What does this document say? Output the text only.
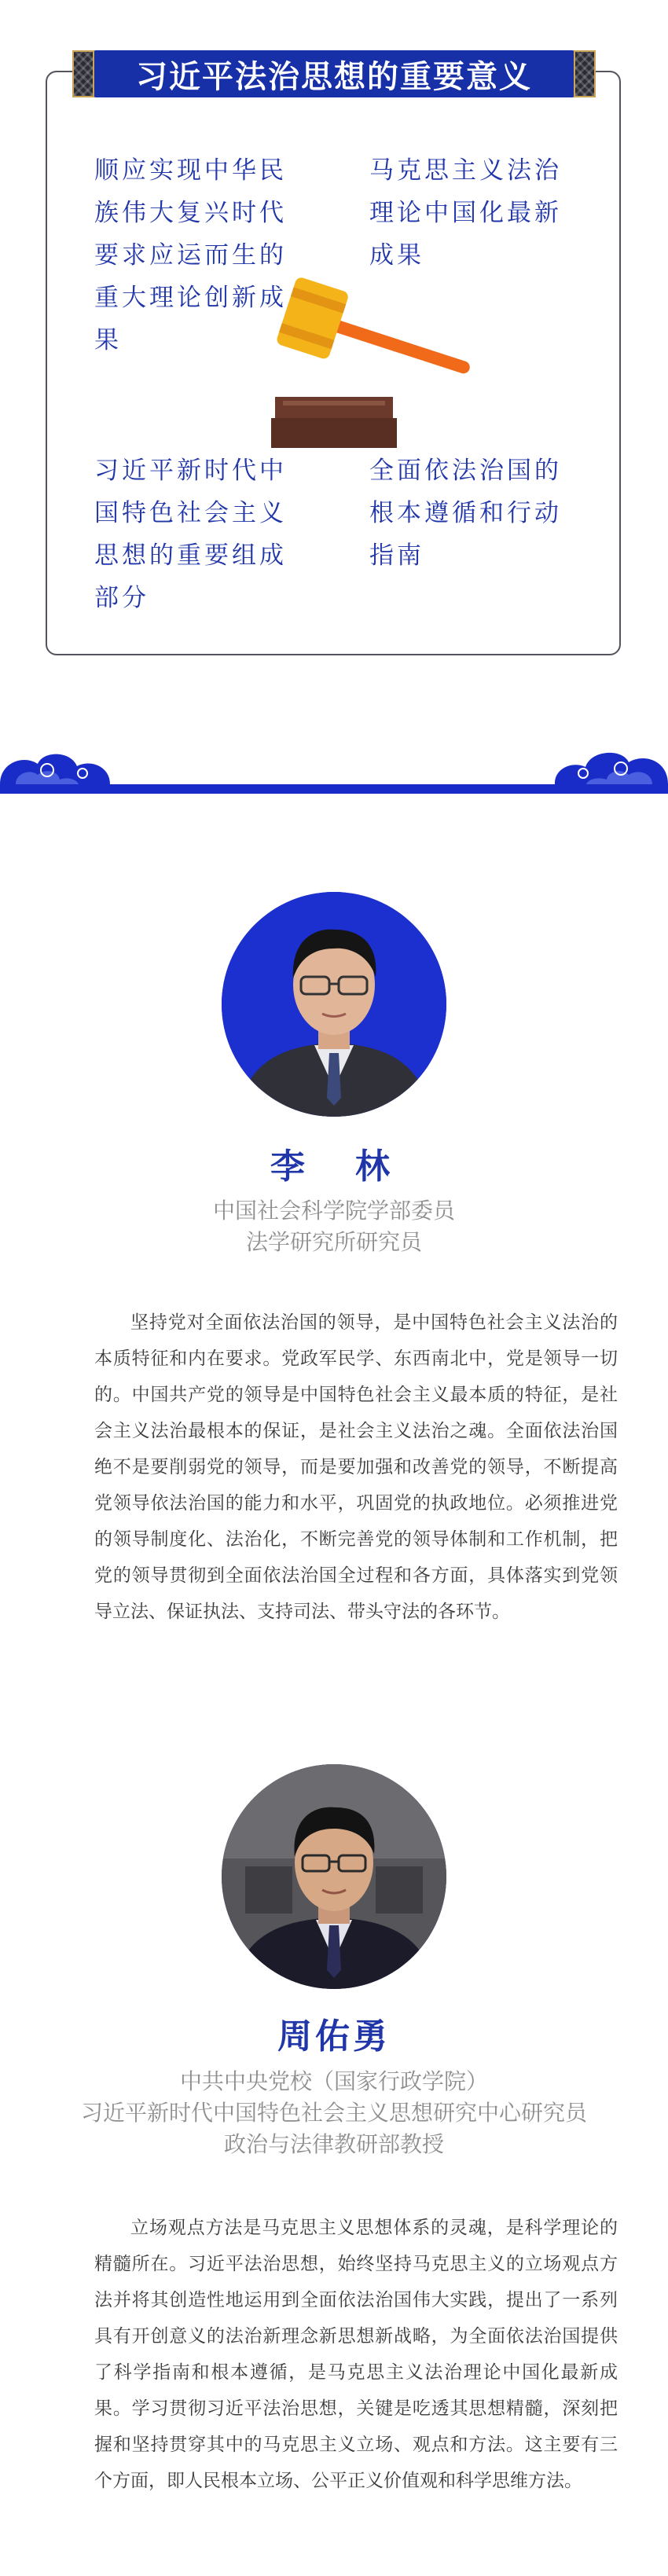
习近平法治思想的重要意义
顺应实现中华民族伟大复兴时代要求应运而生的重大理论创新成果
马克思主义法治理论中国化最新成果
习近平新时代中国特色社会主义思想的重要组成部分
全面依法治国的根本遵循和行动指南
李　林
中国社会科学院学部委员
法学研究所研究员

坚持党对全面依法治国的领导，是中国特色社会主义法治的本质特征和内在要求。党政军民学、东西南北中，党是领导一切的。中国共产党的领导是中国特色社会主义最本质的特征，是社会主义法治最根本的保证，是社会主义法治之魂。全面依法治国绝不是要削弱党的领导，而是要加强和改善党的领导，不断提高党领导依法治国的能力和水平，巩固党的执政地位。必须推进党的领导制度化、法治化，不断完善党的领导体制和工作机制，把党的领导贯彻到全面依法治国全过程和各方面，具体落实到党领导立法、保证执法、支持司法、带头守法的各环节。

周佑勇
中共中央党校（国家行政学院）
习近平新时代中国特色社会主义思想研究中心研究员
政治与法律教研部教授

立场观点方法是马克思主义思想体系的灵魂，是科学理论的精髓所在。习近平法治思想，始终坚持马克思主义的立场观点方法并将其创造性地运用到全面依法治国伟大实践，提出了一系列具有开创意义的法治新理念新思想新战略，为全面依法治国提供了科学指南和根本遵循，是马克思主义法治理论中国化最新成果。学习贯彻习近平法治思想，关键是吃透其思想精髓，深刻把握和坚持贯穿其中的马克思主义立场、观点和方法。这主要有三个方面，即人民根本立场、公平正义价值观和科学思维方法。
